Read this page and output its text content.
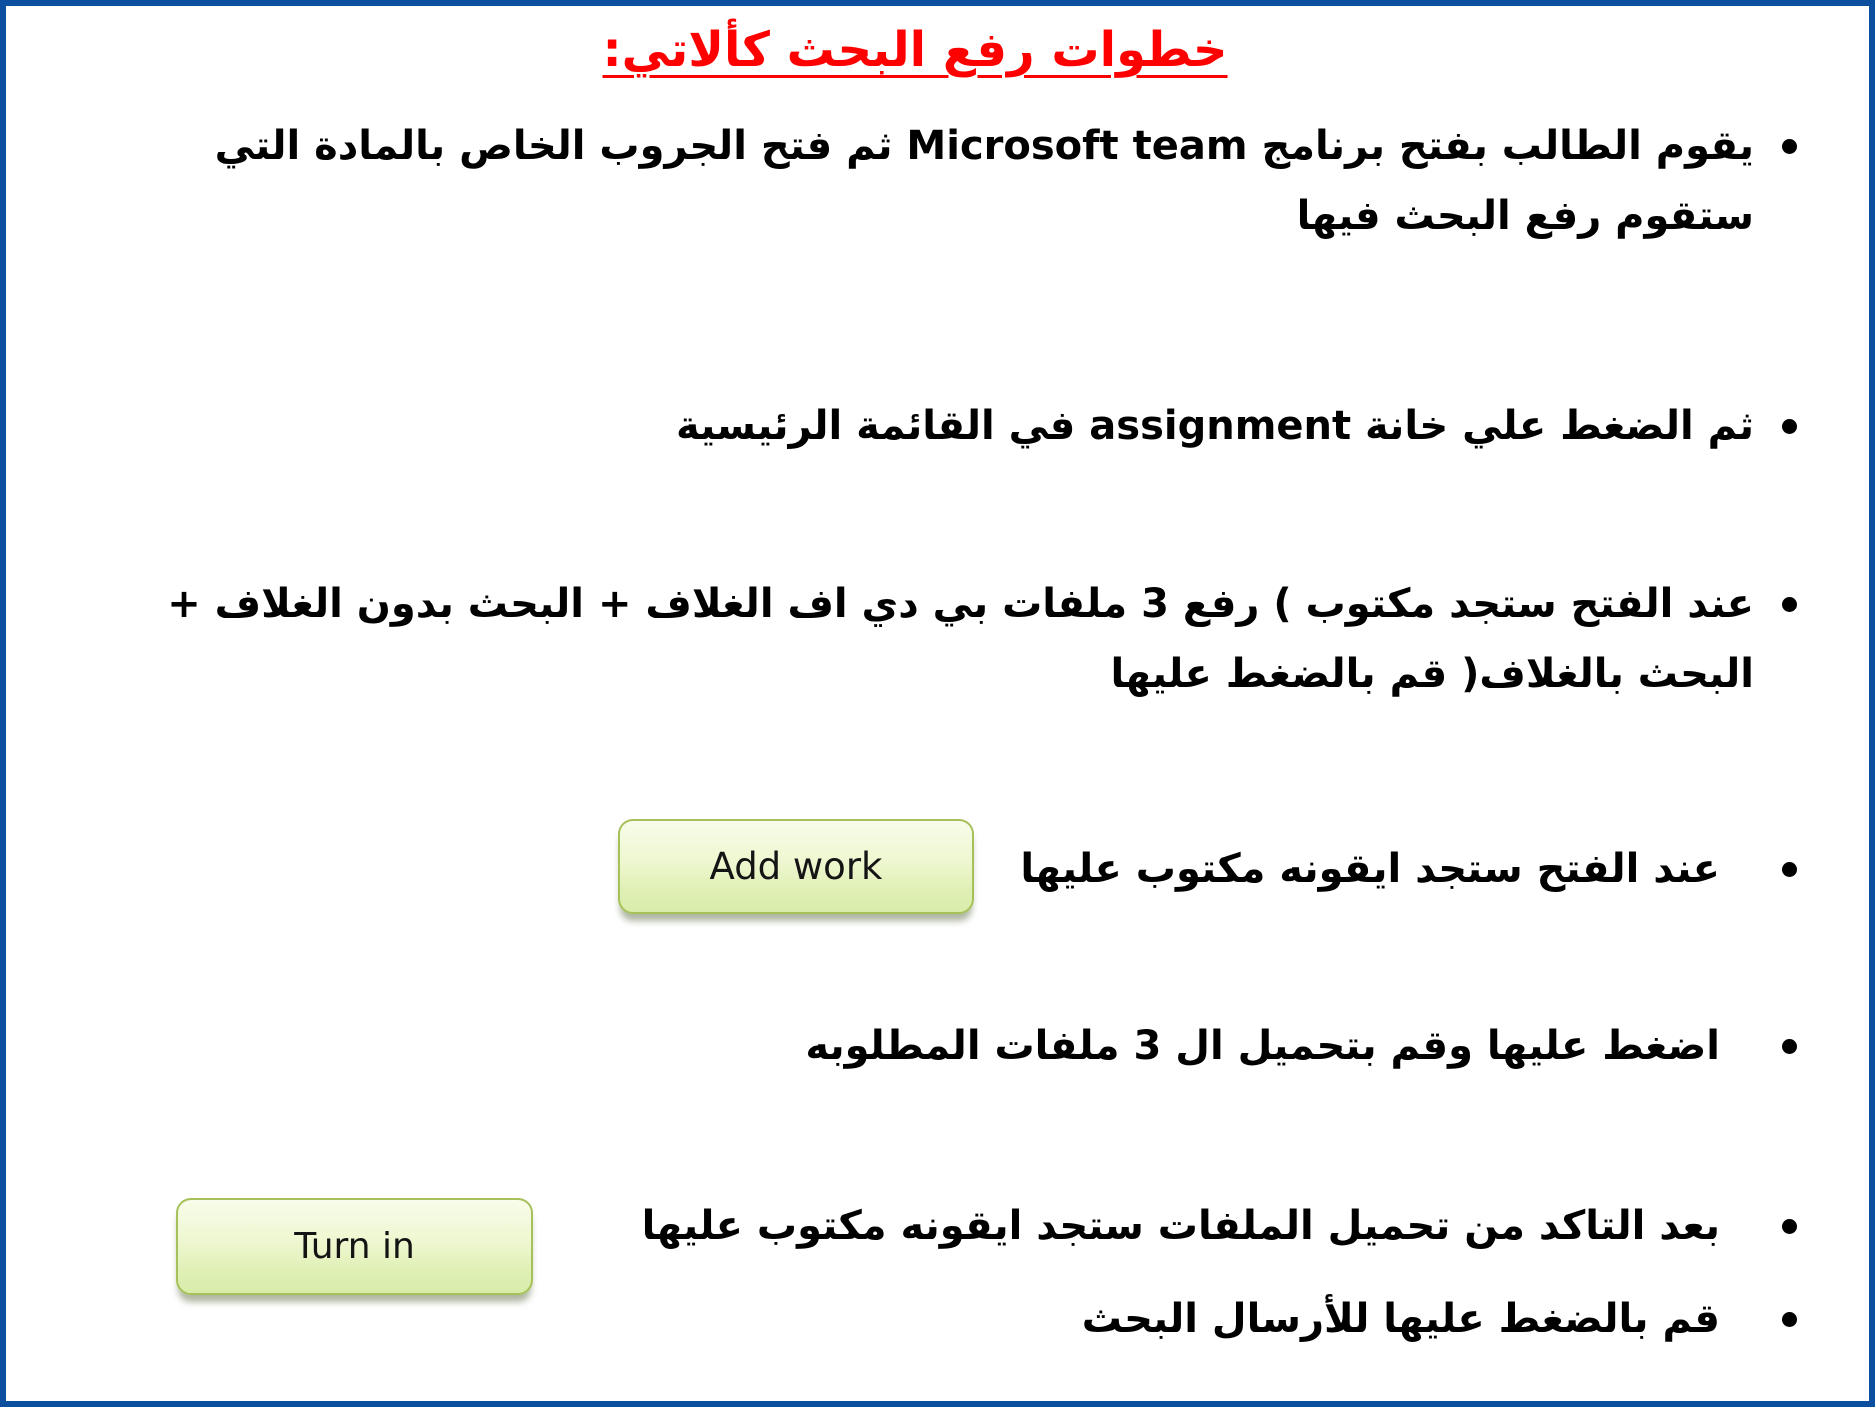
خطوات رفع البحث كألاتي:
يقوم الطالب بفتح برنامج Microsoft team ثم فتح الجروب الخاص بالمادة التي
ستقوم رفع البحث فيها
ثم الضغط علي خانة assignment في القائمة الرئيسية
عند الفتح ستجد مكتوب ) رفع 3 ملفات بي دي اف الغلاف + البحث بدون الغلاف +
البحث بالغلاف( قم بالضغط عليها
عند الفتح ستجد ايقونه مكتوب عليها
اضغط عليها وقم بتحميل ال 3 ملفات المطلوبه
بعد التاكد من تحميل الملفات ستجد ايقونه مكتوب عليها
قم بالضغط عليها للأرسال البحث
Add work
Turn in
